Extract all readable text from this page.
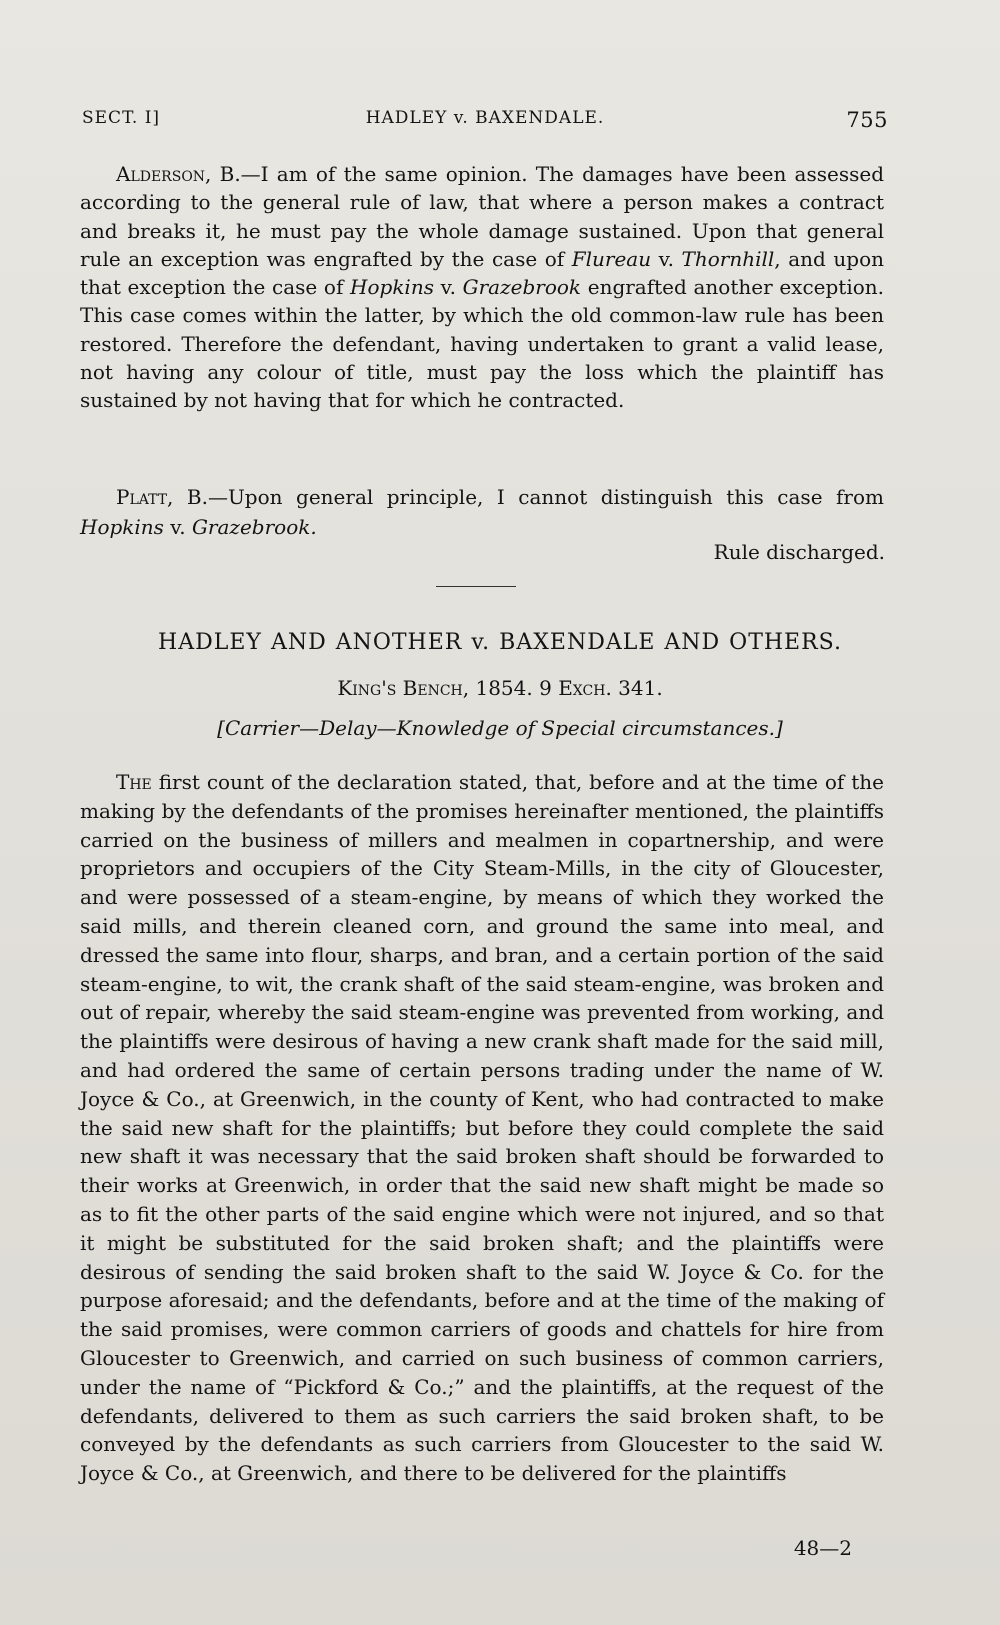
SECT. I]	HADLEY v. BAXENDALE.	755

Alderson, B.—I am of the same opinion. The damages have been assessed according to the general rule of law, that where a person makes a contract and breaks it, he must pay the whole damage sustained. Upon that general rule an exception was engrafted by the case of Flureau v. Thornhill, and upon that exception the case of Hopkins v. Grazebrook engrafted another exception. This case comes within the latter, by which the old common-law rule has been restored. Therefore the defendant, having undertaken to grant a valid lease, not having any colour of title, must pay the loss which the plaintiff has sustained by not having that for which he contracted.

Platt, B.—Upon general principle, I cannot distinguish this case from Hopkins v. Grazebrook.

Rule discharged.
HADLEY AND ANOTHER v. BAXENDALE AND OTHERS.
King's Bench, 1854. 9 Exch. 341.
[Carrier—Delay—Knowledge of Special circumstances.]

The first count of the declaration stated, that, before and at the time of the making by the defendants of the promises hereinafter mentioned, the plaintiffs carried on the business of millers and mealmen in copartnership, and were proprietors and occupiers of the City Steam-Mills, in the city of Gloucester, and were possessed of a steam-engine, by means of which they worked the said mills, and therein cleaned corn, and ground the same into meal, and dressed the same into flour, sharps, and bran, and a certain portion of the said steam-engine, to wit, the crank shaft of the said steam-engine, was broken and out of repair, whereby the said steam-engine was prevented from working, and the plaintiffs were desirous of having a new crank shaft made for the said mill, and had ordered the same of certain persons trading under the name of W. Joyce & Co., at Greenwich, in the county of Kent, who had contracted to make the said new shaft for the plaintiffs; but before they could complete the said new shaft it was necessary that the said broken shaft should be forwarded to their works at Greenwich, in order that the said new shaft might be made so as to fit the other parts of the said engine which were not injured, and so that it might be substituted for the said broken shaft; and the plaintiffs were desirous of sending the said broken shaft to the said W. Joyce & Co. for the purpose aforesaid; and the defendants, before and at the time of the making of the said promises, were common carriers of goods and chattels for hire from Gloucester to Greenwich, and carried on such business of common carriers, under the name of “Pickford & Co.;” and the plaintiffs, at the request of the defendants, delivered to them as such carriers the said broken shaft, to be conveyed by the defendants as such carriers from Gloucester to the said W. Joyce & Co., at Greenwich, and there to be delivered for the plaintiffs

48—2
